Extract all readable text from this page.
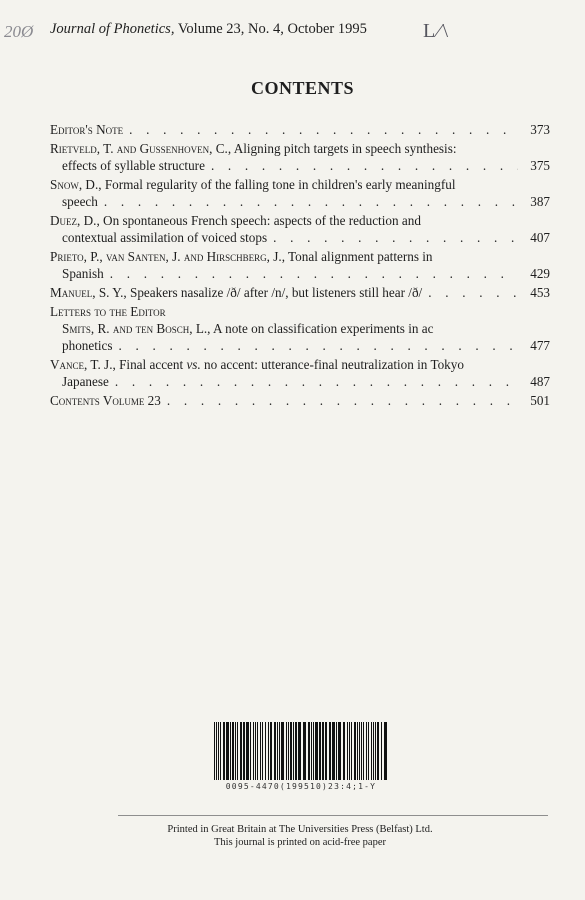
20Ø Journal of Phonetics, Volume 23, No. 4, October 1995	L⁄\
CONTENTS
Editor's Note . . .	373
Rietveld, T. and Gussenhoven, C., Aligning pitch targets in speech synthesis:
effects of syllable structure . . .	375
Snow, D., Formal regularity of the falling tone in children's early meaningful
speech . . .	387
Duez, D., On spontaneous French speech: aspects of the reduction and
contextual assimilation of voiced stops . . .	407
Prieto, P., van Santen, J. and Hirschberg, J., Tonal alignment patterns in
Spanish . . .	429
Manuel, S. Y., Speakers nasalize /ð/ after /n/, but listeners still hear /ð/ . . .	453
Letters to the Editor
Smits, R. and ten Bosch, L., A note on classification experiments in ac
phonetics . . .	477
Vance, T. J., Final accent vs. no accent: utterance-final neutralization in Tokyo
Japanese . . .	487
Contents Volume 23 . . .	501
0095-4470(199510)23:4;1-Y
Printed in Great Britain at The Universities Press (Belfast) Ltd.
This journal is printed on acid-free paper
